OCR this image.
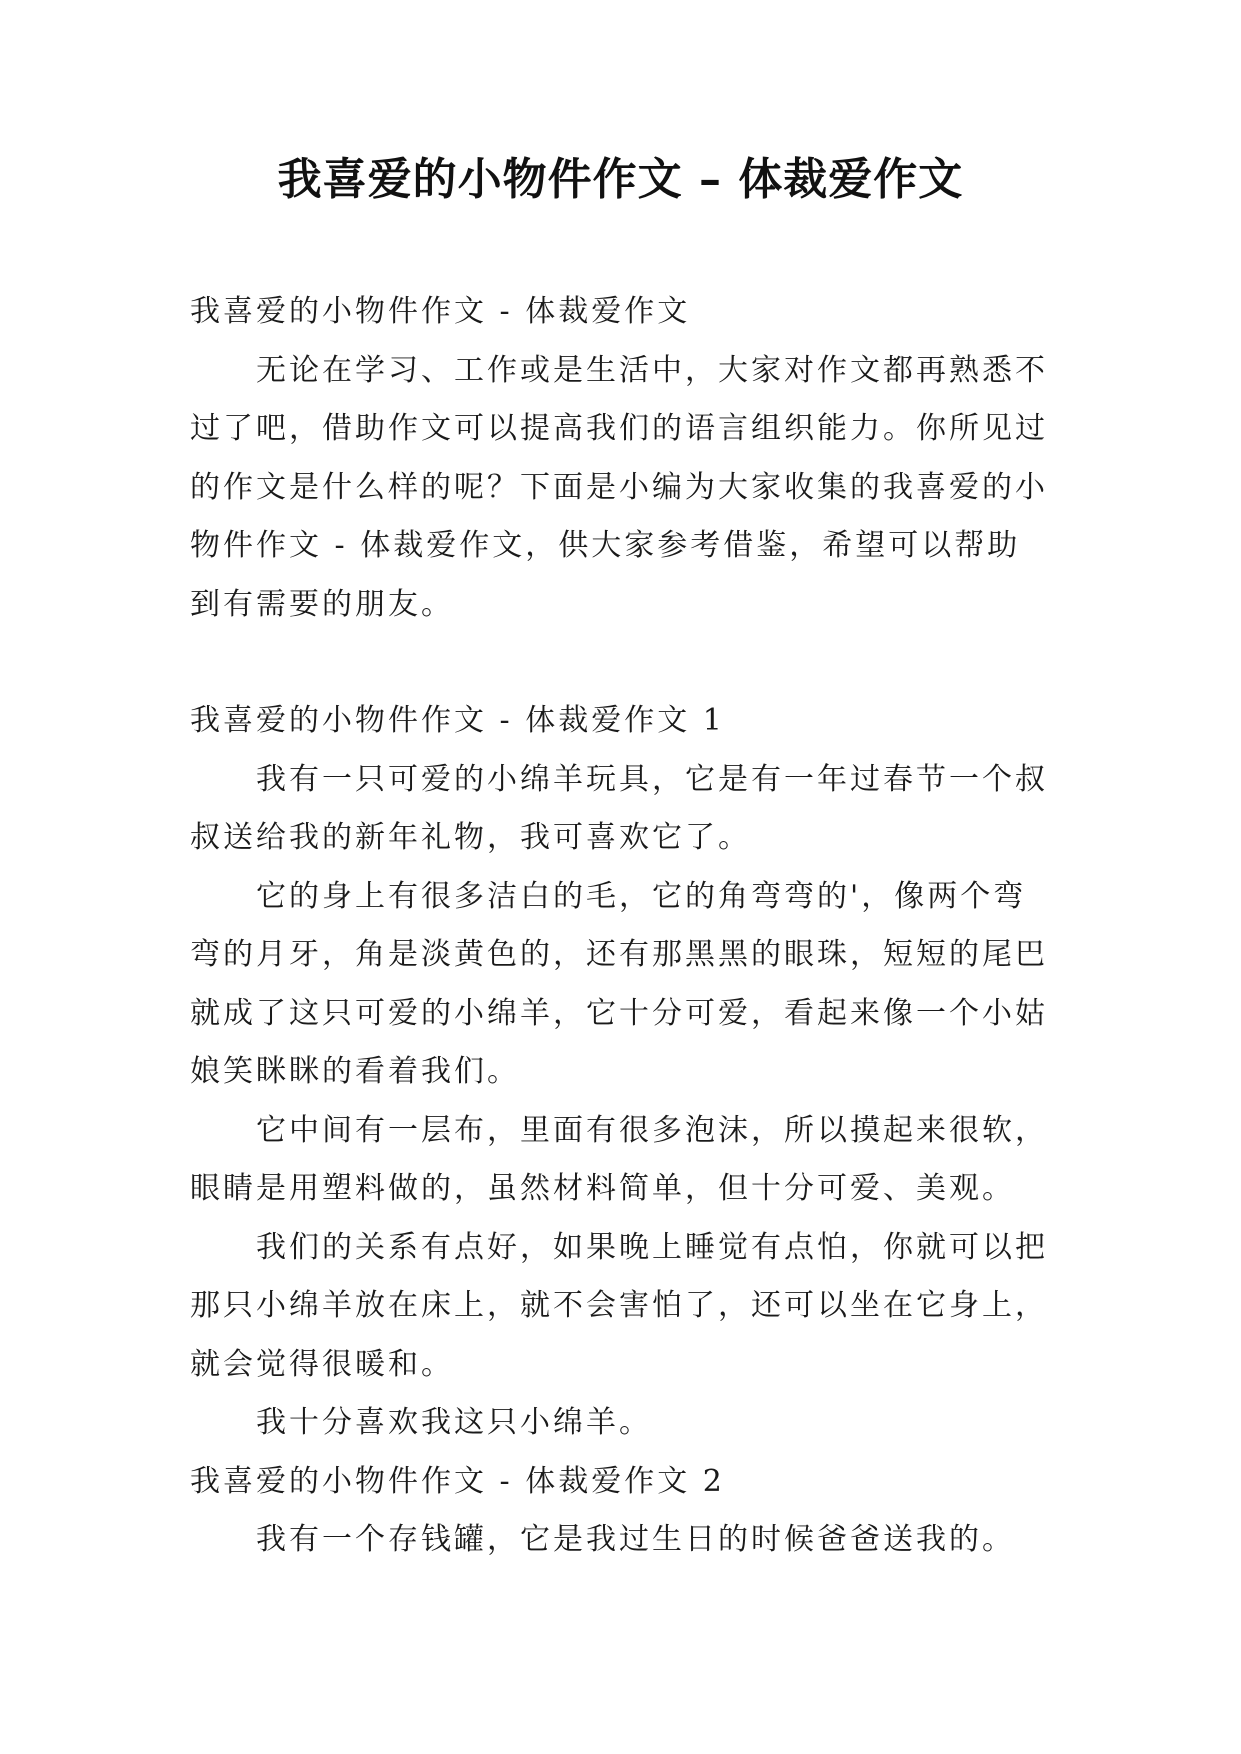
我喜爱的小物件作文 – 体裁爱作文

我喜爱的小物件作文 - 体裁爱作文

无论在学习、工作或是生活中，大家对作文都再熟悉不过了吧，借助作文可以提高我们的语言组织能力。你所见过的作文是什么样的呢？下面是小编为大家收集的我喜爱的小物件作文 - 体裁爱作文，供大家参考借鉴，希望可以帮助到有需要的朋友。

我喜爱的小物件作文 - 体裁爱作文 1

我有一只可爱的小绵羊玩具，它是有一年过春节一个叔叔送给我的新年礼物，我可喜欢它了。

它的身上有很多洁白的毛，它的角弯弯的'，像两个弯弯的月牙，角是淡黄色的，还有那黑黑的眼珠，短短的尾巴就成了这只可爱的小绵羊，它十分可爱，看起来像一个小姑娘笑眯眯的看着我们。

它中间有一层布，里面有很多泡沫，所以摸起来很软，眼睛是用塑料做的，虽然材料简单，但十分可爱、美观。

我们的关系有点好，如果晚上睡觉有点怕，你就可以把那只小绵羊放在床上，就不会害怕了，还可以坐在它身上，就会觉得很暖和。

我十分喜欢我这只小绵羊。

我喜爱的小物件作文 - 体裁爱作文 2

我有一个存钱罐，它是我过生日的时候爸爸送我的。
